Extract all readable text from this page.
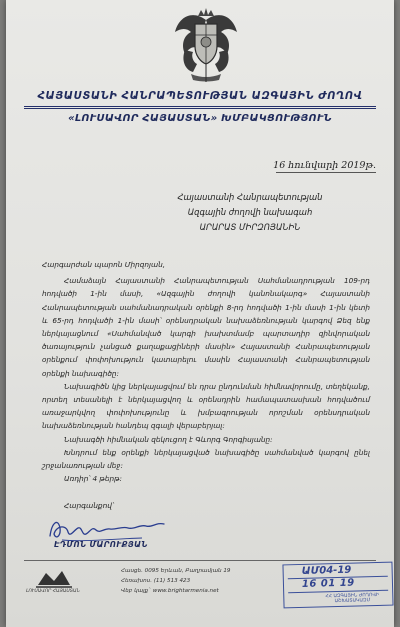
ՀԱՅԱՍՏԱՆԻ ՀԱՆՐԱՊԵՏՈՒԹՅԱՆ ԱԶԳԱՅԻՆ ԺՈՂՈՎ
«ԼՈՒՍԱՎՈՐ ՀԱՅԱՍՏԱՆ» ԽՄԲԱԿՑՈՒԹՅՈՒՆ
16 հունվարի 2019թ.
Հայաստանի Հանրապետության
Ազգային ժողովի նախագահ
ԱՐԱՐԱՏ ՄԻՐԶՈՅԱՆԻՆ

Հարգարժան պարոն Միրզոյան,

Համաձայն Հայաստանի Հանրապետության Սահմանադրության 109-րդ հոդվածի 1-ին մասի, «Ազգային ժողովի կանոնակարգ» Հայաստանի Հանրապետության սահմանադրական օրենքի 8-րդ հոդվածի 1-ին մասի 1-ին կետի և 65-րդ հոդվածի 1-ին մասի՝ օրենսդրական նախաձեռնության կարգով Ձեզ ենք ներկայացնում «Սահմանված կարգի խախտմամբ պարտադիր զինվորական ծառայություն չանցած քաղաքացիների մասին» Հայաստանի Հանրապետության օրենքում փոփոխություն կատարելու մասին Հայաստանի Հանրապետության օրենքի նախագիծը:

Նախագիծն կից ներկայացվում են դրա ընդունման հիմնավորումը, տեղեկանք, որտեղ տեսանելի է ներկայացվող և օրենսդրին համապատասխան հոդվածում առաջարկվող փոփոխությունը և խմբագրության որոշման օրենսդրական նախաձեռնության հանդեպ զգալի վերաբերյալ:

Նախագծի հիմնական զեկուցող է Գևորգ Գորգիսյանը:

Խնդրում ենք օրենքի ներկայացված նախագիծը սահմանված կարգով ընել շրջանառության մեջ:

Առդիր՝ 4 թերթ:

Հարգանքով՝
ԷԴՄՈՆ ՄԱՐՈՒՔՅԱՆ
ԼՈՒՍԱՎՈՐ ՀԱՅԱՍՏԱՆ
Հասցե. 0095 Երևան, Բաղրամյան 19
Հեռախոս. (11) 513 423
Վեբ կայք` www.brightarmenia.net
ԱՄ04-19
16 01 19
ՀՀ ԱԶԳԱՅԻՆ ԺՈՂՈՎԻ ԱՇԽԱՏԱԿԱԶՄ
